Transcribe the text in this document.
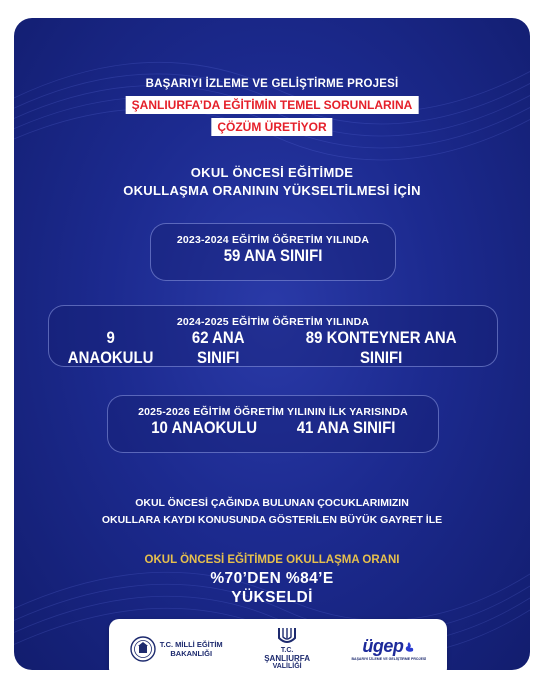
BAŞARIYI İZLEME VE GELİŞTİRME PROJESİ
ŞANLIURFA’DA EĞİTİMİN TEMEL SORUNLARINA
ÇÖZÜM ÜRETİYOR
OKUL ÖNCESİ EĞİTİMDE
OKULLAŞMA ORANININ YÜKSELTİLMESİ İÇİN
2023-2024 EĞİTİM ÖĞRETİM YILINDA
59 ANA SINIFI
2024-2025 EĞİTİM ÖĞRETİM YILINDA
9 ANAOKULU
62 ANA SINIFI
89 KONTEYNER ANA SINIFI
2025-2026 EĞİTİM ÖĞRETİM YILININ İLK YARISINDA
10 ANAOKULU 41 ANA SINIFI
OKUL ÖNCESİ ÇAĞINDA BULUNAN ÇOCUKLARIMIZIN
OKULLARA KAYDI KONUSUNDA GÖSTERİLEN BÜYÜK GAYRET İLE
OKUL ÖNCESİ EĞİTİMDE OKULLAŞMA ORANI
%70’DEN %84’E
YÜKSELDİ
T.C. MİLLİ EĞİTİM
BAKANLIĞI	T.C.
ŞANLIURFA
VALİLİĞİ
ügep
BAŞARIYI İZLEME VE GELİŞTİRME PROJESİ
